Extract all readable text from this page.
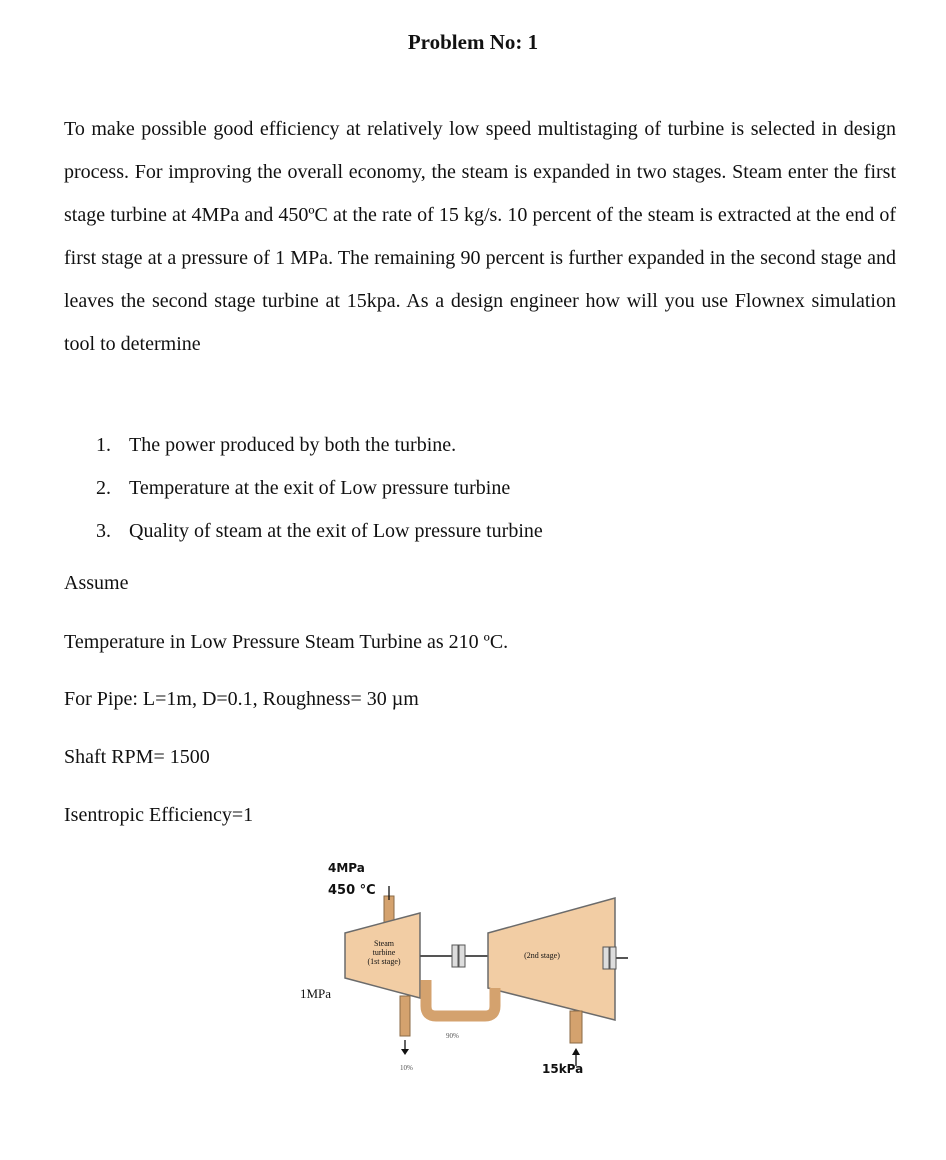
Problem No: 1

To make possible good efficiency at relatively low speed multistaging of turbine is selected in design process. For improving the overall economy, the steam is expanded in two stages. Steam enter the first stage turbine at 4MPa and 450ºC at the rate of 15 kg/s. 10 percent of the steam is extracted at the end of first stage at a pressure of 1 MPa. The remaining 90 percent is further expanded in the second stage and leaves the second stage turbine at 15kpa. As a design engineer how will you use Flownex simulation tool to determine

1. The power produced by both the turbine.
2. Temperature at the exit of Low pressure turbine
3. Quality of steam at the exit of Low pressure turbine
Assume
Temperature in Low Pressure Steam Turbine as 210 ºC.
For Pipe: L=1m, D=0.1, Roughness= 30 µm
Shaft RPM= 1500
Isentropic Efficiency=1
4MPa
450 °C
Steam
turbine
(1st stage)
(2nd stage)
1MPa
10%
90%
15kPa
